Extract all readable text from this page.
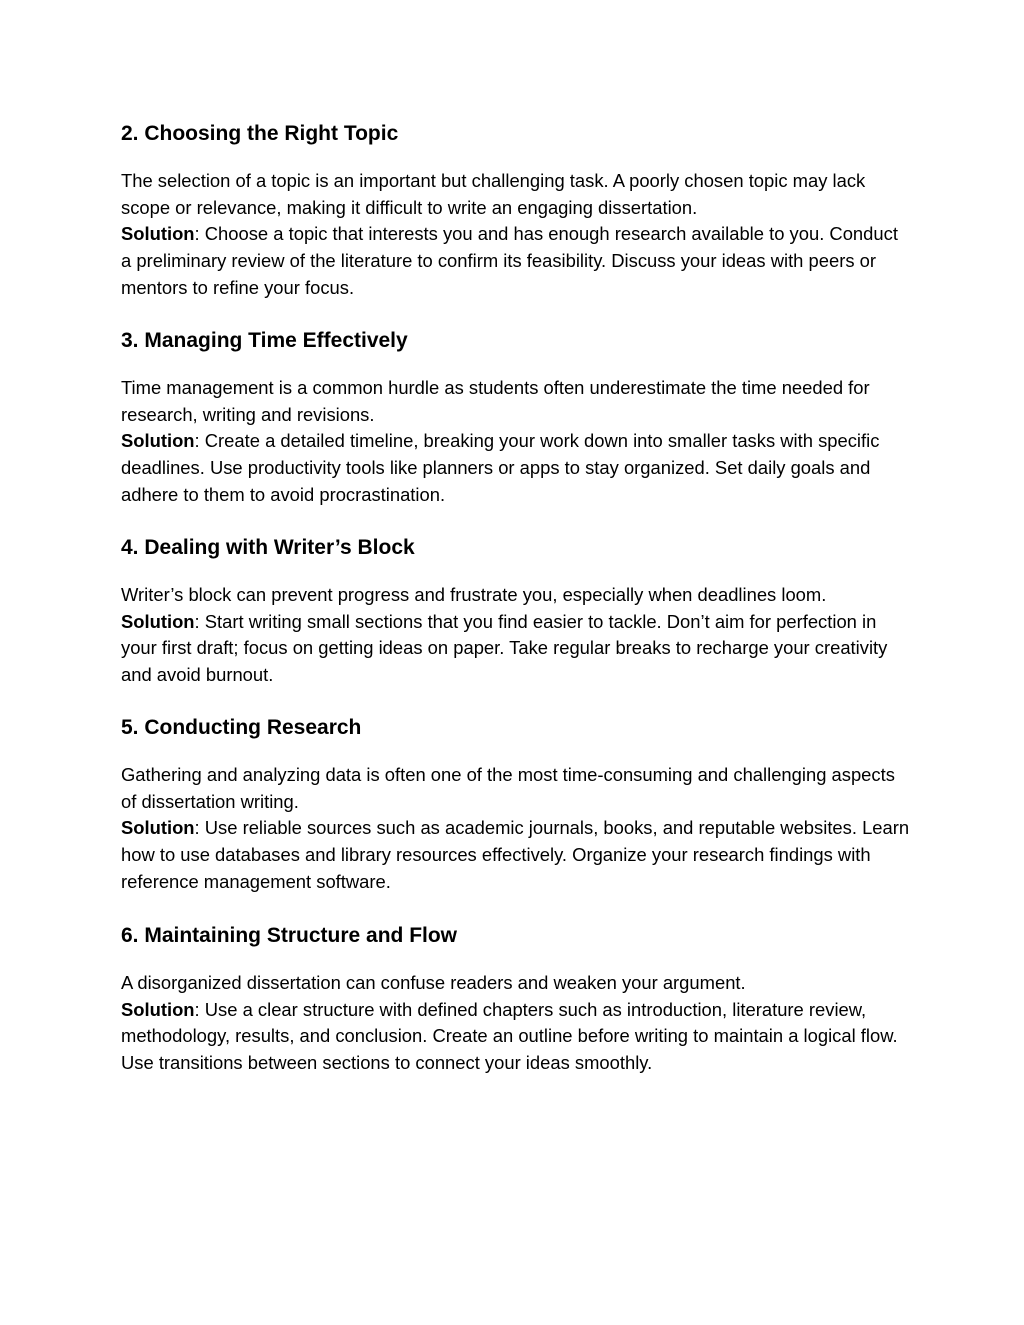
2. Choosing the Right Topic

The selection of a topic is an important but challenging task. A poorly chosen topic may lack scope or relevance, making it difficult to write an engaging dissertation.

Solution: Choose a topic that interests you and has enough research available to you. Conduct a preliminary review of the literature to confirm its feasibility. Discuss your ideas with peers or mentors to refine your focus.

3. Managing Time Effectively

Time management is a common hurdle as students often underestimate the time needed for research, writing and revisions.

Solution: Create a detailed timeline, breaking your work down into smaller tasks with specific deadlines. Use productivity tools like planners or apps to stay organized. Set daily goals and adhere to them to avoid procrastination.

4. Dealing with Writer’s Block

Writer’s block can prevent progress and frustrate you, especially when deadlines loom.

Solution: Start writing small sections that you find easier to tackle. Don’t aim for perfection in your first draft; focus on getting ideas on paper. Take regular breaks to recharge your creativity and avoid burnout.

5. Conducting Research

Gathering and analyzing data is often one of the most time-consuming and challenging aspects of dissertation writing.

Solution: Use reliable sources such as academic journals, books, and reputable websites. Learn how to use databases and library resources effectively. Organize your research findings with reference management software.

6. Maintaining Structure and Flow

A disorganized dissertation can confuse readers and weaken your argument.

Solution: Use a clear structure with defined chapters such as introduction, literature review, methodology, results, and conclusion. Create an outline before writing to maintain a logical flow. Use transitions between sections to connect your ideas smoothly.
